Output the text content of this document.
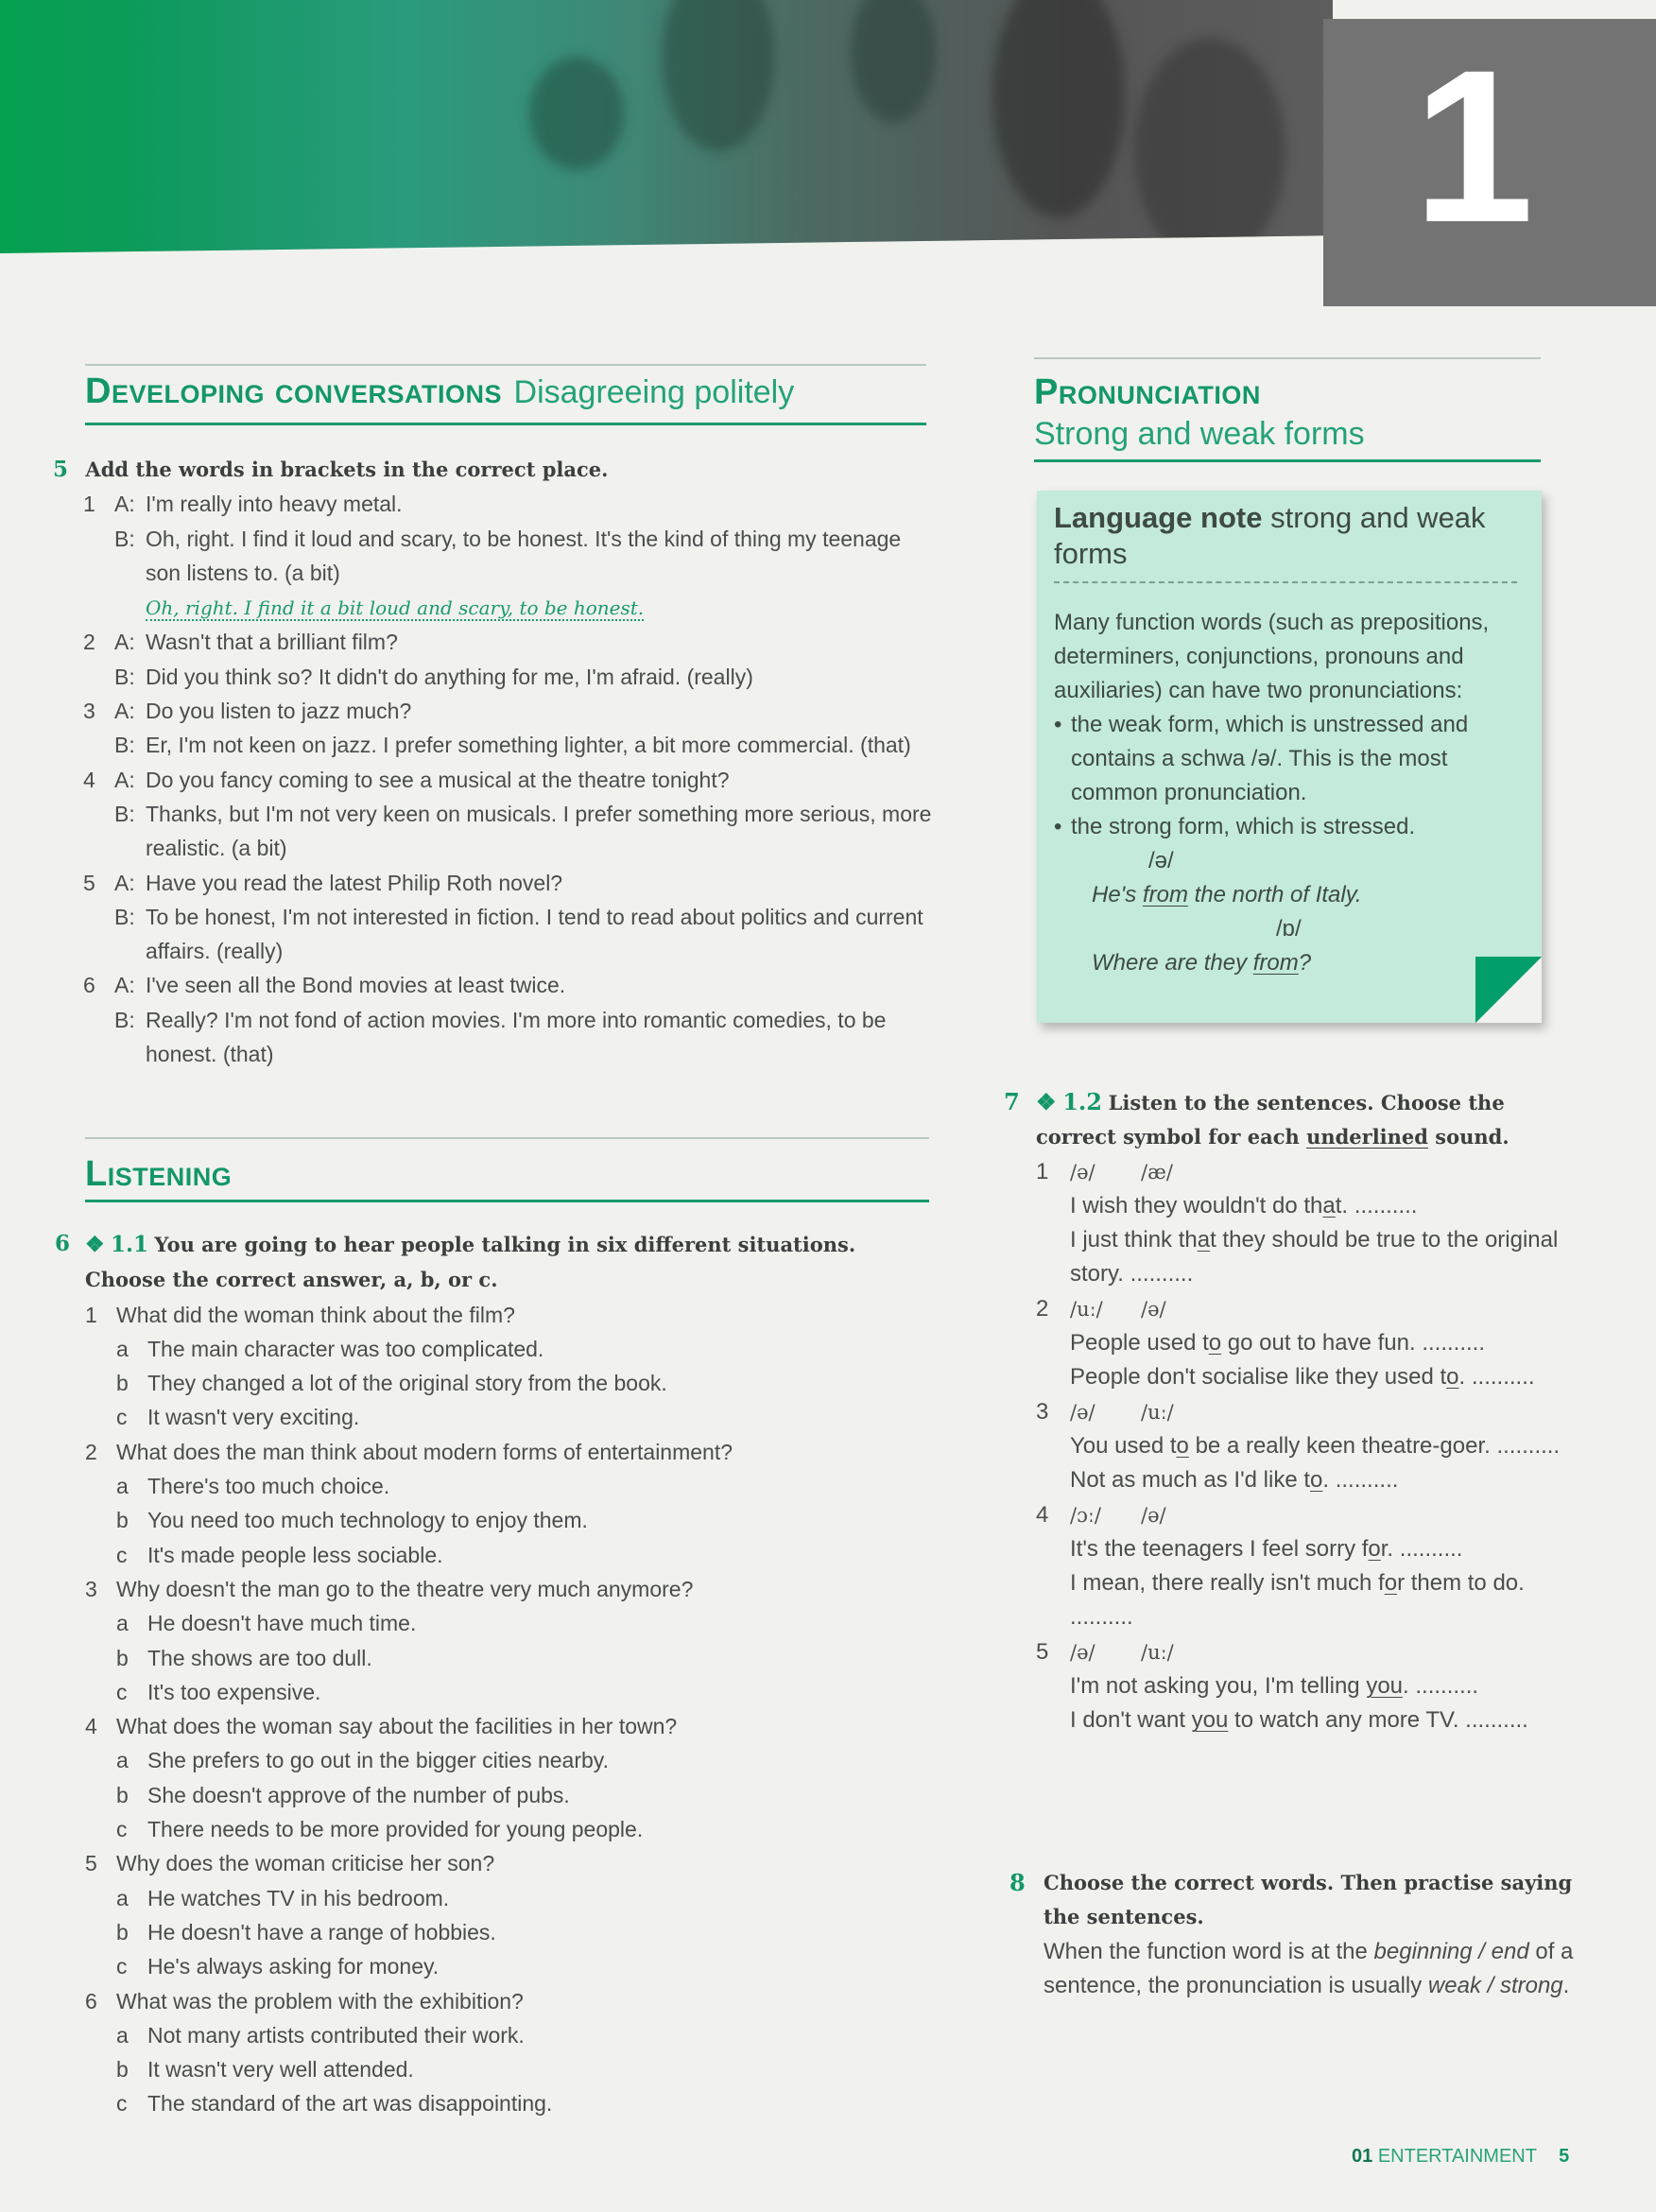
1
Developing conversations Disagreeing politely
5 Add the words in brackets in the correct place.
1 A: I'm really into heavy metal.
B: Oh, right. I find it loud and scary, to be honest. It's the kind of thing my teenage son listens to. (a bit)
Oh, right. I find it a bit loud and scary, to be honest.
2 A: Wasn't that a brilliant film?
B: Did you think so? It didn't do anything for me, I'm afraid. (really)
3 A: Do you listen to jazz much?
B: Er, I'm not keen on jazz. I prefer something lighter, a bit more commercial. (that)
4 A: Do you fancy coming to see a musical at the theatre tonight?
B: Thanks, but I'm not very keen on musicals. I prefer something more serious, more realistic. (a bit)
5 A: Have you read the latest Philip Roth novel?
B: To be honest, I'm not interested in fiction. I tend to read about politics and current affairs. (really)
6 A: I've seen all the Bond movies at least twice.
B: Really? I'm not fond of action movies. I'm more into romantic comedies, to be honest. (that)
Listening
6 ❖ 1.1 You are going to hear people talking in six different situations. Choose the correct answer, a, b, or c.
1 What did the woman think about the film?
a The main character was too complicated.
b They changed a lot of the original story from the book.
c It wasn't very exciting.
2 What does the man think about modern forms of entertainment?
a There's too much choice.
b You need too much technology to enjoy them.
c It's made people less sociable.
3 Why doesn't the man go to the theatre very much anymore?
a He doesn't have much time.
b The shows are too dull.
c It's too expensive.
4 What does the woman say about the facilities in her town?
a She prefers to go out in the bigger cities nearby.
b She doesn't approve of the number of pubs.
c There needs to be more provided for young people.
5 Why does the woman criticise her son?
a He watches TV in his bedroom.
b He doesn't have a range of hobbies.
c He's always asking for money.
6 What was the problem with the exhibition?
a Not many artists contributed their work.
b It wasn't very well attended.
c The standard of the art was disappointing.
Pronunciation
Strong and weak forms
Language note strong and weak forms
Many function words (such as prepositions, determiners, conjunctions, pronouns and auxiliaries) can have two pronunciations:
• the weak form, which is unstressed and contains a schwa /ə/. This is the most common pronunciation.
• the strong form, which is stressed.
/ə/
He's from the north of Italy.
/ɒ/
Where are they from?
7 ❖ 1.2 Listen to the sentences. Choose the correct symbol for each underlined sound.
1 /ə/ /æ/
I wish they wouldn't do that. ..........
I just think that they should be true to the original story. ..........
2 /uː/ /ə/
People used to go out to have fun. ..........
People don't socialise like they used to. ..........
3 /ə/ /uː/
You used to be a really keen theatre-goer. ..........
Not as much as I'd like to. ..........
4 /ɔː/ /ə/
It's the teenagers I feel sorry for. ..........
I mean, there really isn't much for them to do. ..........
5 /ə/ /uː/
I'm not asking you, I'm telling you. ..........
I don't want you to watch any more TV. ..........
8 Choose the correct words. Then practise saying the sentences.
When the function word is at the beginning / end of a sentence, the pronunciation is usually weak / strong.
01 ENTERTAINMENT 5
